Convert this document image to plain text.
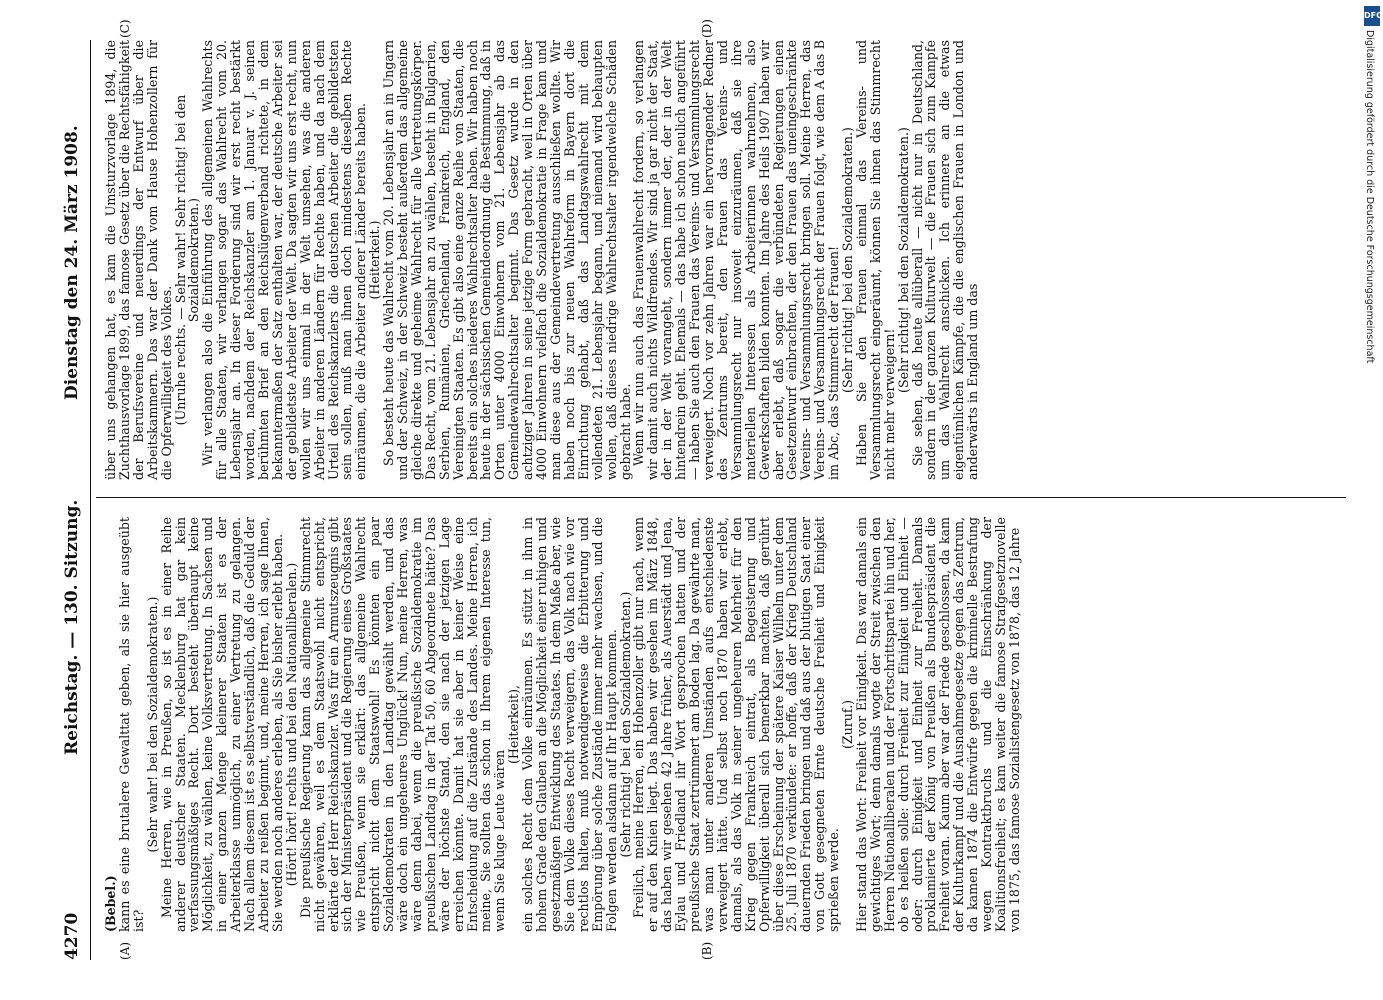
4270
Reichstag. — 130. Sitzung.
Dienstag den 24. März 1908.
(A)	(B)
(C)	(D)

(Bebel.)

kann es eine brutalere Gewalttat geben, als sie hier ausgeübt ist?

(Sehr wahr! bei den Sozialdemokraten.)

Meine Herren, wie in Preußen, so ist es in einer Reihe anderer deutscher Staaten. Mecklenburg hat gar kein verfassungsmäßiges Recht. Dort besteht überhaupt keine Möglichkeit, zu wählen, keine Volksvertretung. In Sachsen und in einer ganzen Menge kleinerer Staaten ist es der Arbeiterklasse unmöglich, zu einer Vertretung zu gelangen. Nach allem diesem ist es selbstverständlich, daß die Geduld der Arbeiter zu reißen beginnt, und, meine Herren, ich sage Ihnen, Sie werden noch anderes erleben, als Sie bisher erlebt haben.

(Hört! hört! rechts und bei den Nationalliberalen.)

Die preußische Regierung kann das allgemeine Stimmrecht nicht gewähren, weil es dem Staatswohl nicht entspricht, erklärte der Herr Reichskanzler. Was für ein Armutszeugnis gibt sich der Ministerpräsident und die Regierung eines Großstaates wie Preußen, wenn sie erklärt: das allgemeine Wahlrecht entspricht nicht dem Staatswohl! Es könnten ein paar Sozialdemokraten in den Landtag gewählt werden, und das wäre doch ein ungeheures Unglück! Nun, meine Herren, was wäre denn dabei, wenn die preußische Sozialdemokratie im preußischen Landtag in der Tat 50, 60 Abgeordnete hätte? Das wäre der höchste Stand, den sie nach der jetzigen Lage erreichen könnte. Damit hat sie aber in keiner Weise eine Entscheidung auf die Zustände des Landes. Meine Herren, ich meine, Sie sollten das schon in Ihrem eigenen Interesse tun, wenn Sie kluge Leute wären

(Heiterkeit),

ein solches Recht dem Volke einräumen. Es stützt in ihm in hohem Grade den Glauben an die Möglichkeit einer ruhigen und gesetzmäßigen Entwicklung des Staates. In dem Maße aber, wie Sie dem Volke dieses Recht verweigern, das Volk nach wie vor rechtlos halten, muß notwendigerweise die Erbitterung und Empörung über solche Zustände immer mehr wachsen, und die Folgen werden alsdann auf Ihr Haupt kommen.

(Sehr richtig! bei den Sozialdemokraten.)

Freilich, meine Herren, ein Hohenzoller gibt nur nach, wenn er auf den Knien liegt. Das haben wir gesehen im März 1848, das haben wir gesehen 42 Jahre früher, als Auerstädt und Jena, Eylau und Friedland ihr Wort gesprochen hatten und der preußische Staat zertrümmert am Boden lag. Da gewährte man, was man unter anderen Umständen aufs entschiedenste verweigert hätte. Und selbst noch 1870 haben wir erlebt, damals, als das Volk in seiner ungeheuren Mehrheit für den Krieg gegen Frankreich eintrat, als Begeisterung und Opferwilligkeit überall sich bemerkbar machten, daß gerührt über diese Erscheinung der spätere Kaiser Wilhelm unter dem 25. Juli 1870 verkündete: er hoffe, daß der Krieg Deutschland dauernden Frieden bringen und daß aus der blutigen Saat einer von Gott gesegneten Ernte deutsche Freiheit und Einigkeit sprießen werde.

(Zuruf.)

Hier stand das Wort: Freiheit vor Einigkeit. Das war damals ein gewichtiges Wort; denn damals wogte der Streit zwischen den Herren Nationalliberalen und der Fortschrittspartei hin und her, ob es heißen solle: durch Freiheit zur Einigkeit und Einheit — oder: durch Einigkeit und Einheit zur Freiheit. Damals proklamierte der König von Preußen als Bundespräsident die Freiheit voran. Kaum aber war der Friede geschlossen, da kam der Kulturkampf und die Ausnahmegesetze gegen das Zentrum, da kamen 1874 die Entwürfe gegen die kriminelle Bestrafung wegen Kontraktbruchs und die Einschränkung der Koalitionsfreiheit; es kam weiter die famose Strafgesetznovelle von 1875, das famose Sozialistengesetz von 1878, das 12 Jahre

über uns gehangen hat, es kam die Umsturzvorlage 1894, die Zuchthausvorlage 1899, das famose Gesetz über die Rechtsfähigkeit der Berufsvereine und neuerdings der Entwurf über die Arbeitskammern. Das war der Dank vom Hause Hohenzollern für die Opferwilligkeit des Volkes.

(Unruhe rechts. — Sehr wahr! Sehr richtig! bei den Sozialdemokraten.)

Wir verlangen also die Einführung des allgemeinen Wahlrechts für alle Staaten, wir verlangen sogar das Wahlrecht vom 20. Lebensjahr an. In dieser Forderung sind wir erst recht bestärkt worden, nachdem der Reichskanzler am 1. Januar v. J. seinen berühmten Brief an den Reichslügenverband richtete, in dem bekanntermaßen der Satz enthalten war, der deutsche Arbeiter sei der gebildetste Arbeiter der Welt. Da sagten wir uns erst recht, nun wollen wir uns einmal in der Welt umsehen, was die anderen Arbeiter in anderen Ländern für Rechte haben, und da nach dem Urteil des Reichskanzlers die deutschen Arbeiter die gebildetsten sein sollen, muß man ihnen doch mindestens dieselben Rechte einräumen, die die Arbeiter anderer Länder bereits haben.

(Heiterkeit.)

So besteht heute das Wahlrecht vom 20. Lebensjahr an in Ungarn und der Schweiz, in der Schweiz besteht außerdem das allgemeine gleiche direkte und geheime Wahlrecht für alle Vertretungskörper. Das Recht, vom 21. Lebensjahr an zu wählen, besteht in Bulgarien, Serbien, Rumänien, Griechenland, Frankreich, England, den Vereinigten Staaten. Es gibt also eine ganze Reihe von Staaten, die bereits ein solches niederes Wahlrechtsalter haben. Wir haben noch heute in der sächsischen Gemeindeordnung die Bestimmung, daß in Orten unter 4000 Einwohnern vom 21. Lebensjahr ab das Gemeindewahlrechtsalter beginnt. Das Gesetz wurde in den achtziger Jahren in seine jetzige Form gebracht, weil in Orten über 4000 Einwohnern vielfach die Sozialdemokratie in Frage kam und man diese aus der Gemeindevertretung ausschließen wollte. Wir haben noch bis zur neuen Wahlreform in Bayern dort die Einrichtung gehabt, daß das Landtagswahlrecht mit dem vollendeten 21. Lebensjahr begann, und niemand wird behaupten wollen, daß dieses niedrige Wahlrechtsalter irgendwelche Schäden gebracht habe.

Wenn wir nun auch das Frauenwahlrecht fordern, so verlangen wir damit auch nichts Wildfremdes. Wir sind ja gar nicht der Staat, der in der Welt vorangeht, sondern immer der, der in der Welt hintendrein geht. Ehemals — das habe ich schon neulich angeführt — haben Sie auch den Frauen das Vereins- und Versammlungsrecht verweigert. Noch vor zehn Jahren war ein hervorragender Redner des Zentrums bereit, den Frauen das Vereins- und Versammlungsrecht nur insoweit einzuräumen, daß sie ihre materiellen Interessen als Arbeiterinnen wahrnehmen, also Gewerkschaften bilden konnten. Im Jahre des Heils 1907 haben wir aber erlebt, daß sogar die verbündeten Regierungen einen Gesetzentwurf einbrachten, der den Frauen das uneingeschränkte Vereins- und Versammlungsrecht bringen soll. Meine Herren, das Vereins- und Versammlungsrecht der Frauen folgt, wie dem A das B im Abc, das Stimmrecht der Frauen!

(Sehr richtig! bei den Sozialdemokraten.)

Haben Sie den Frauen einmal das Vereins- und Versammlungsrecht eingeräumt, können Sie ihnen das Stimmrecht nicht mehr verweigern!

(Sehr richtig! bei den Sozialdemokraten.)

Sie sehen, daß heute allüberall — nicht nur in Deutschland, sondern in der ganzen Kulturwelt — die Frauen sich zum Kampfe um das Wahlrecht anschicken. Ich erinnere an die etwas eigentümlichen Kämpfe, die die englischen Frauen in London und anderwärts in England um das

DFG
Digitalisierung gefördert durch die Deutsche Forschungsgemeinschaft
